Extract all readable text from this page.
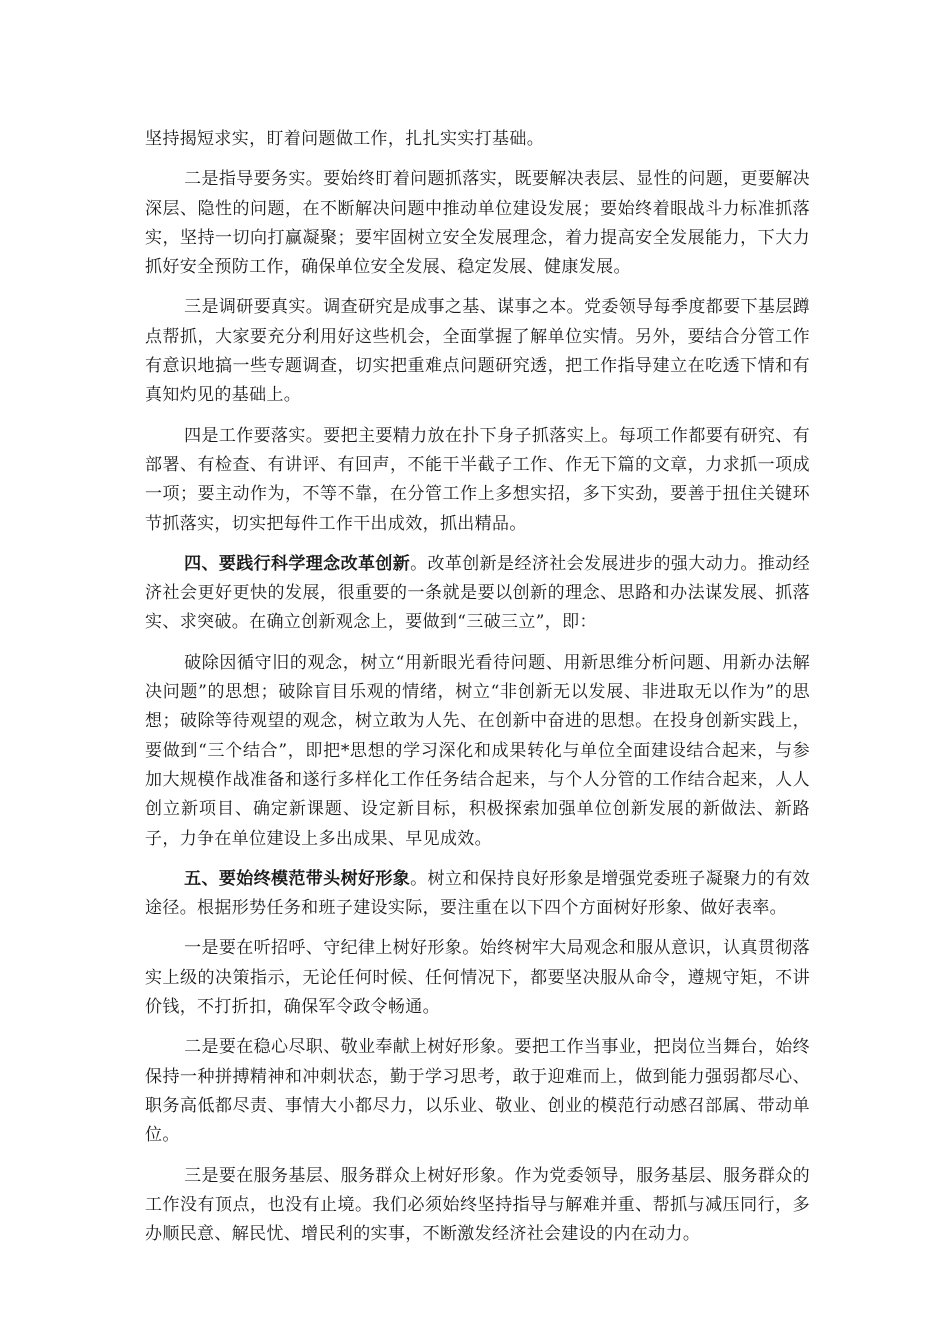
坚持揭短求实，盯着问题做工作，扎扎实实打基础。

二是指导要务实。要始终盯着问题抓落实，既要解决表层、显性的问题，更要解决深层、隐性的问题，在不断解决问题中推动单位建设发展；要始终着眼战斗力标准抓落实，坚持一切向打赢凝聚；要牢固树立安全发展理念，着力提高安全发展能力，下大力抓好安全预防工作，确保单位安全发展、稳定发展、健康发展。

三是调研要真实。调查研究是成事之基、谋事之本。党委领导每季度都要下基层蹲点帮抓，大家要充分利用好这些机会，全面掌握了解单位实情。另外，要结合分管工作有意识地搞一些专题调查，切实把重难点问题研究透，把工作指导建立在吃透下情和有真知灼见的基础上。

四是工作要落实。要把主要精力放在扑下身子抓落实上。每项工作都要有研究、有部署、有检查、有讲评、有回声，不能干半截子工作、作无下篇的文章，力求抓一项成一项；要主动作为，不等不靠，在分管工作上多想实招，多下实劲，要善于扭住关键环节抓落实，切实把每件工作干出成效，抓出精品。

四、要践行科学理念改革创新。改革创新是经济社会发展进步的强大动力。推动经济社会更好更快的发展，很重要的一条就是要以创新的理念、思路和办法谋发展、抓落实、求突破。在确立创新观念上，要做到“三破三立”，即：

破除因循守旧的观念，树立“用新眼光看待问题、用新思维分析问题、用新办法解决问题”的思想；破除盲目乐观的情绪，树立“非创新无以发展、非进取无以作为”的思想；破除等待观望的观念，树立敢为人先、在创新中奋进的思想。在投身创新实践上，要做到“三个结合”，即把*思想的学习深化和成果转化与单位全面建设结合起来，与参加大规模作战准备和遂行多样化工作任务结合起来，与个人分管的工作结合起来，人人创立新项目、确定新课题、设定新目标，积极探索加强单位创新发展的新做法、新路子，力争在单位建设上多出成果、早见成效。

五、要始终模范带头树好形象。树立和保持良好形象是增强党委班子凝聚力的有效途径。根据形势任务和班子建设实际，要注重在以下四个方面树好形象、做好表率。

一是要在听招呼、守纪律上树好形象。始终树牢大局观念和服从意识，认真贯彻落实上级的决策指示，无论任何时候、任何情况下，都要坚决服从命令，遵规守矩，不讲价钱，不打折扣，确保军令政令畅通。

二是要在稳心尽职、敬业奉献上树好形象。要把工作当事业，把岗位当舞台，始终保持一种拼搏精神和冲刺状态，勤于学习思考，敢于迎难而上，做到能力强弱都尽心、职务高低都尽责、事情大小都尽力，以乐业、敬业、创业的模范行动感召部属、带动单位。

三是要在服务基层、服务群众上树好形象。作为党委领导，服务基层、服务群众的工作没有顶点，也没有止境。我们必须始终坚持指导与解难并重、帮抓与减压同行，多办顺民意、解民忧、增民利的实事，不断激发经济社会建设的内在动力。
